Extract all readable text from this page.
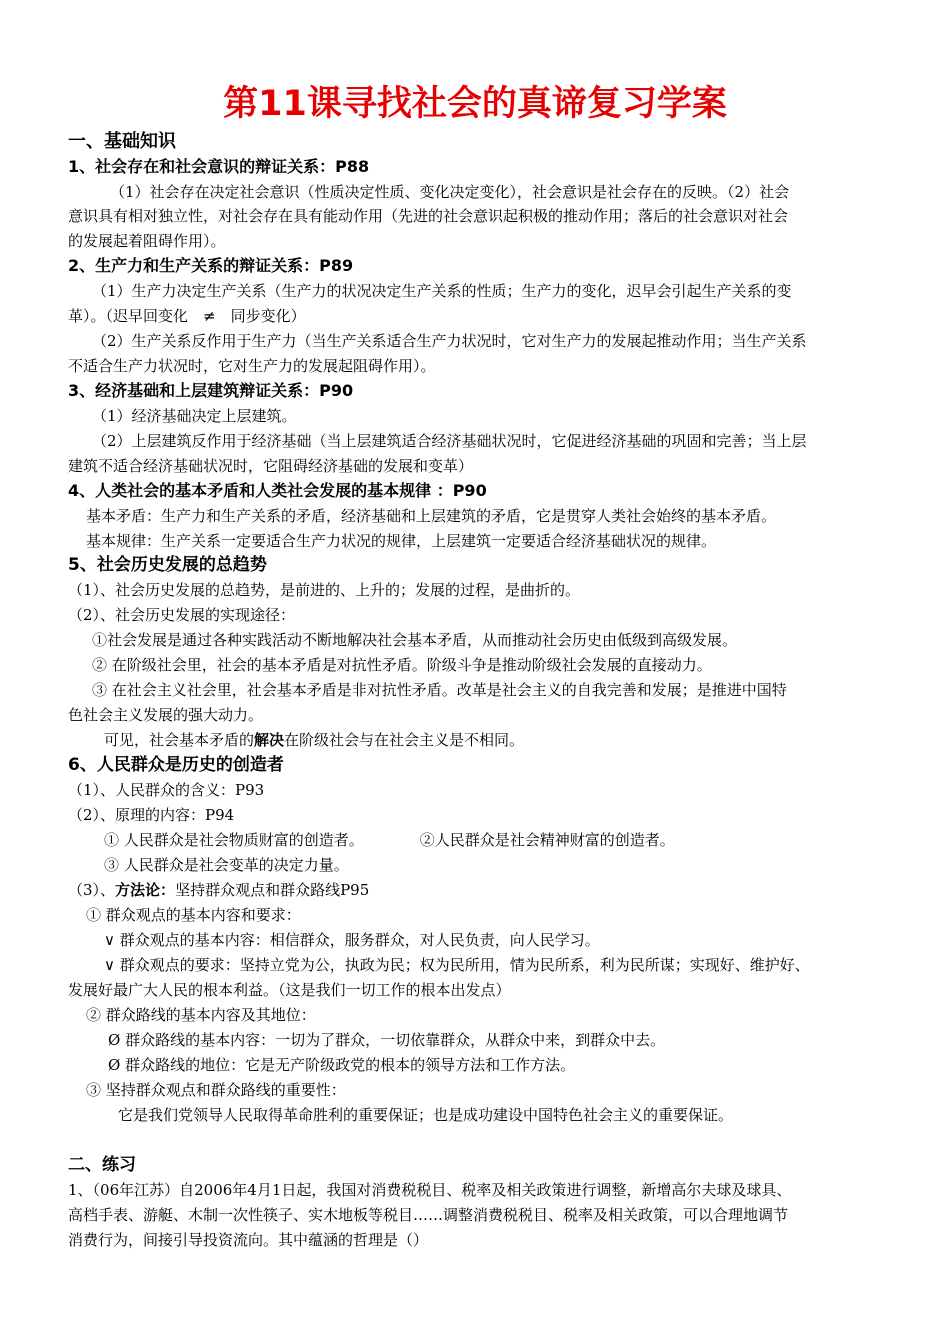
第11课寻找社会的真谛复习学案
一、基础知识
1、社会存在和社会意识的辩证关系：P88
（1）社会存在决定社会意识（性质决定性质、变化决定变化），社会意识是社会存在的反映。（2）社会
意识具有相对独立性，对社会存在具有能动作用（先进的社会意识起积极的推动作用；落后的社会意识对社会
的发展起着阻碍作用）。
2、生产力和生产关系的辩证关系：P89
（1）生产力决定生产关系（生产力的状况决定生产关系的性质；生产力的变化，迟早会引起生产关系的变
革）。（迟早回变化　≠　同步变化）
（2）生产关系反作用于生产力（当生产关系适合生产力状况时，它对生产力的发展起推动作用；当生产关系
不适合生产力状况时，它对生产力的发展起阻碍作用）。
3、经济基础和上层建筑辩证关系：P90
（1）经济基础决定上层建筑。
（2）上层建筑反作用于经济基础（当上层建筑适合经济基础状况时，它促进经济基础的巩固和完善；当上层
建筑不适合经济基础状况时，它阻碍经济基础的发展和变革）
4、人类社会的基本矛盾和人类社会发展的基本规律 ：P90
基本矛盾：生产力和生产关系的矛盾，经济基础和上层建筑的矛盾，它是贯穿人类社会始终的基本矛盾。
基本规律：生产关系一定要适合生产力状况的规律，上层建筑一定要适合经济基础状况的规律。
5、社会历史发展的总趋势
（1）、社会历史发展的总趋势，是前进的、上升的；发展的过程，是曲折的。
（2）、社会历史发展的实现途径：
①社会发展是通过各种实践活动不断地解决社会基本矛盾，从而推动社会历史由低级到高级发展。
② 在阶级社会里，社会的基本矛盾是对抗性矛盾。阶级斗争是推动阶级社会发展的直接动力。
③ 在社会主义社会里，社会基本矛盾是非对抗性矛盾。改革是社会主义的自我完善和发展；是推进中国特
色社会主义发展的强大动力。
可见，社会基本矛盾的解决在阶级社会与在社会主义是不相同。
6、人民群众是历史的创造者
（1）、人民群众的含义：P93
（2）、原理的内容：P94
① 人民群众是社会物质财富的创造者。	②人民群众是社会精神财富的创造者。
③ 人民群众是社会变革的决定力量。
（3）、方法论：坚持群众观点和群众路线P95
① 群众观点的基本内容和要求：
∨ 群众观点的基本内容：相信群众，服务群众，对人民负责，向人民学习。
∨ 群众观点的要求：坚持立党为公，执政为民；权为民所用，情为民所系，利为民所谋；实现好、维护好、
发展好最广大人民的根本利益。（这是我们一切工作的根本出发点）
② 群众路线的基本内容及其地位：
Ø 群众路线的基本内容：一切为了群众，一切依靠群众，从群众中来，到群众中去。
Ø 群众路线的地位：它是无产阶级政党的根本的领导方法和工作方法。
③ 坚持群众观点和群众路线的重要性：
它是我们党领导人民取得革命胜利的重要保证；也是成功建设中国特色社会主义的重要保证。
二、练习
1、（06年江苏）自2006年4月1日起，我国对消费税税目、税率及相关政策进行调整，新增高尔夫球及球具、
高档手表、游艇、木制一次性筷子、实木地板等税目……调整消费税税目、税率及相关政策，可以合理地调节
消费行为，间接引导投资流向。其中蕴涵的哲理是（）
